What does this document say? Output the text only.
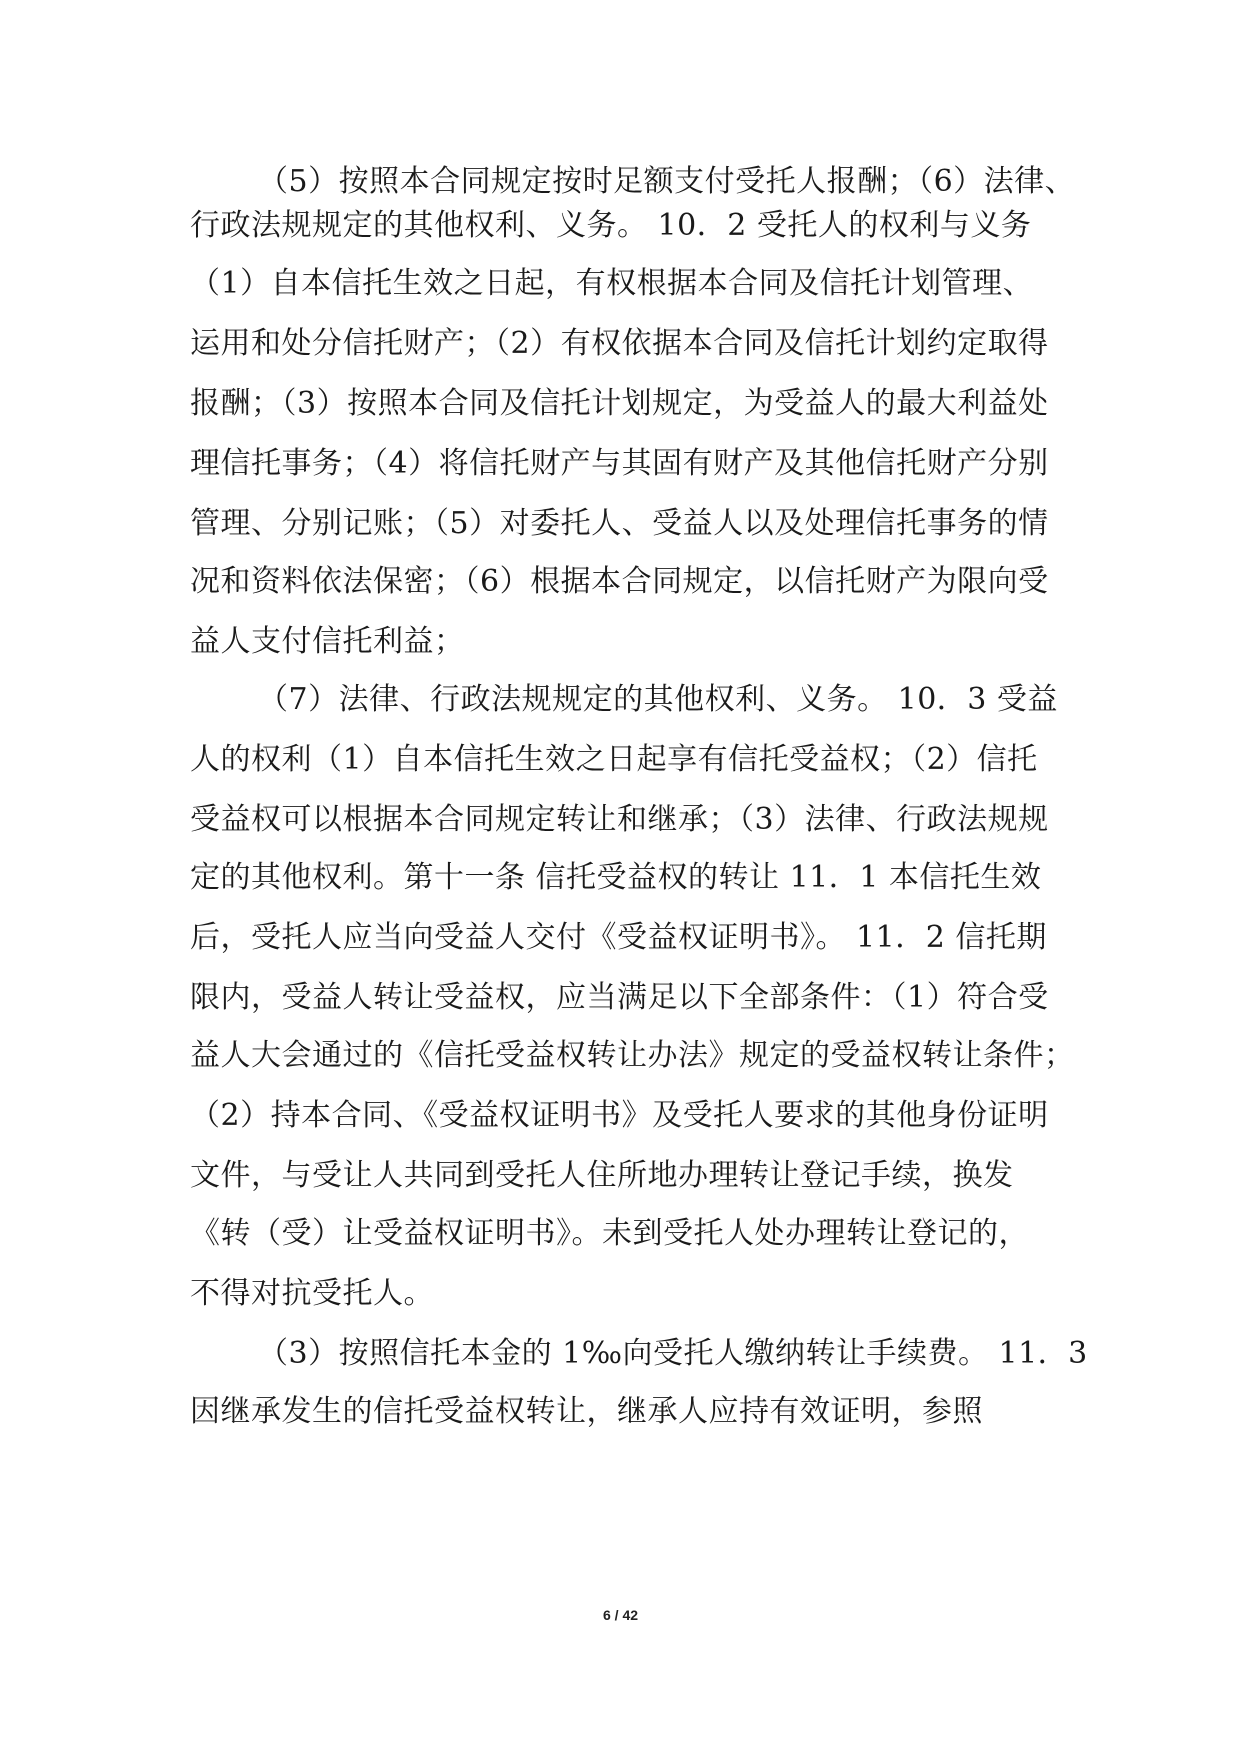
（5）按照本合同规定按时足额支付受托人报酬；（6）法律、
行政法规规定的其他权利、义务。 10．2 受托人的权利与义务
（1）自本信托生效之日起，有权根据本合同及信托计划管理、
运用和处分信托财产；（2）有权依据本合同及信托计划约定取得
报酬；（3）按照本合同及信托计划规定，为受益人的最大利益处
理信托事务；（4）将信托财产与其固有财产及其他信托财产分别
管理、分别记账；（5）对委托人、受益人以及处理信托事务的情
况和资料依法保密；（6）根据本合同规定，以信托财产为限向受
益人支付信托利益；
（7）法律、行政法规规定的其他权利、义务。 10．3 受益
人的权利（1）自本信托生效之日起享有信托受益权；（2）信托
受益权可以根据本合同规定转让和继承；（3）法律、行政法规规
定的其他权利。第十一条 信托受益权的转让 11．1 本信托生效
后，受托人应当向受益人交付《受益权证明书》。 11．2 信托期
限内，受益人转让受益权，应当满足以下全部条件：（1）符合受
益人大会通过的《信托受益权转让办法》规定的受益权转让条件；
（2）持本合同、《受益权证明书》及受托人要求的其他身份证明
文件，与受让人共同到受托人住所地办理转让登记手续，换发
《转（受）让受益权证明书》。未到受托人处办理转让登记的，
不得对抗受托人。
（3）按照信托本金的 1‰向受托人缴纳转让手续费。 11．3
因继承发生的信托受益权转让，继承人应持有效证明，参照
6 / 42
